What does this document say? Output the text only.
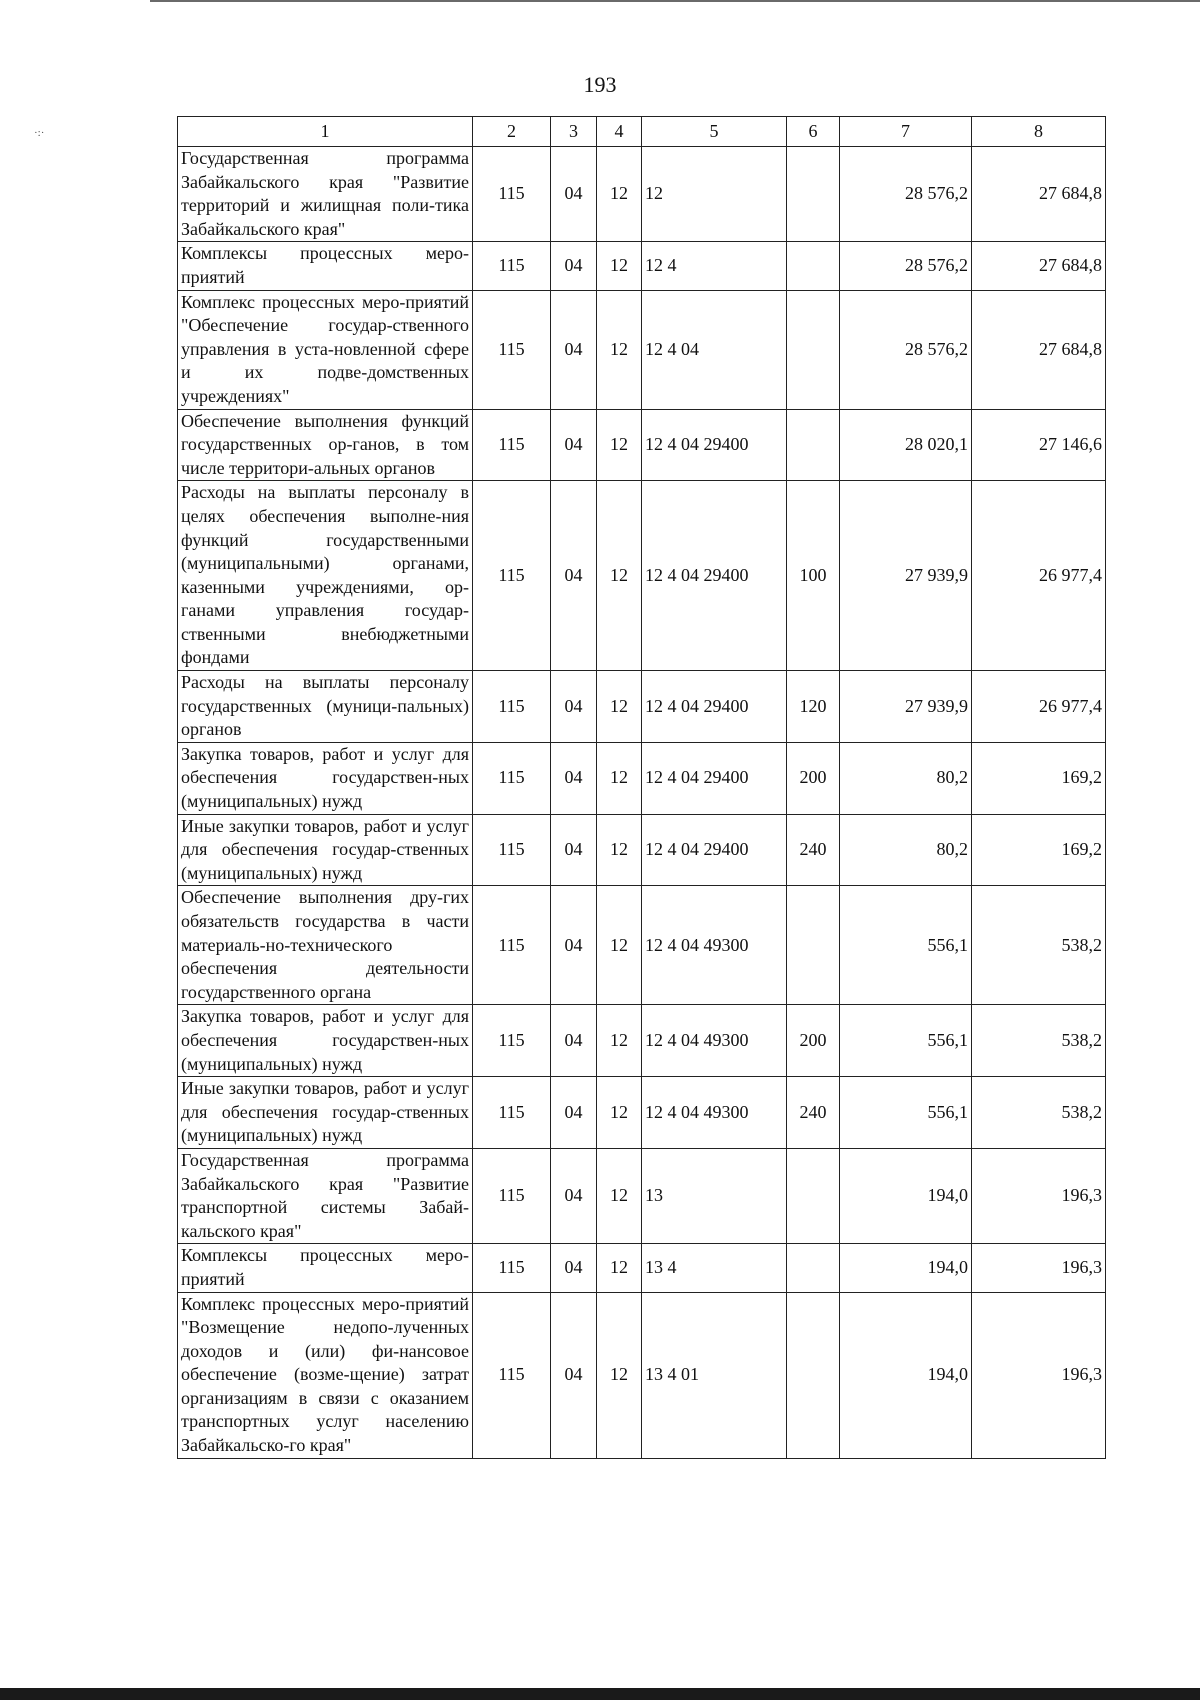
·:·
193
1	2	3	4	5	6	7	8
Государственная программа Забайкальского края "Развитие территорий и жилищная поли-тика Забайкальского края"	115	04	12	12		28 576,2	27 684,8
Комплексы процессных меро-приятий	115	04	12	12 4		28 576,2	27 684,8
Комплекс процессных меро-приятий "Обеспечение государ-ственного управления в уста-новленной сфере и их подве-домственных учреждениях"	115	04	12	12 4 04		28 576,2	27 684,8
Обеспечение выполнения функций государственных ор-ганов, в том числе территори-альных органов	115	04	12	12 4 04 29400		28 020,1	27 146,6
Расходы на выплаты персоналу в целях обеспечения выполне-ния функций государственными (муниципальными) органами, казенными учреждениями, ор-ганами управления государ-ственными внебюджетными фондами	115	04	12	12 4 04 29400	100	27 939,9	26 977,4
Расходы на выплаты персоналу государственных (муници-пальных) органов	115	04	12	12 4 04 29400	120	27 939,9	26 977,4
Закупка товаров, работ и услуг для обеспечения государствен-ных (муниципальных) нужд	115	04	12	12 4 04 29400	200	80,2	169,2
Иные закупки товаров, работ и услуг для обеспечения государ-ственных (муниципальных) нужд	115	04	12	12 4 04 29400	240	80,2	169,2
Обеспечение выполнения дру-гих обязательств государства в части материаль-но-технического обеспечения деятельности государственного органа	115	04	12	12 4 04 49300		556,1	538,2
Закупка товаров, работ и услуг для обеспечения государствен-ных (муниципальных) нужд	115	04	12	12 4 04 49300	200	556,1	538,2
Иные закупки товаров, работ и услуг для обеспечения государ-ственных (муниципальных) нужд	115	04	12	12 4 04 49300	240	556,1	538,2
Государственная программа Забайкальского края "Развитие транспортной системы Забай-кальского края"	115	04	12	13		194,0	196,3
Комплексы процессных меро-приятий	115	04	12	13 4		194,0	196,3
Комплекс процессных меро-приятий "Возмещение недопо-лученных доходов и (или) фи-нансовое обеспечение (возме-щение) затрат организациям в связи с оказанием транспортных услуг населению Забайкальско-го края"	115	04	12	13 4 01		194,0	196,3
